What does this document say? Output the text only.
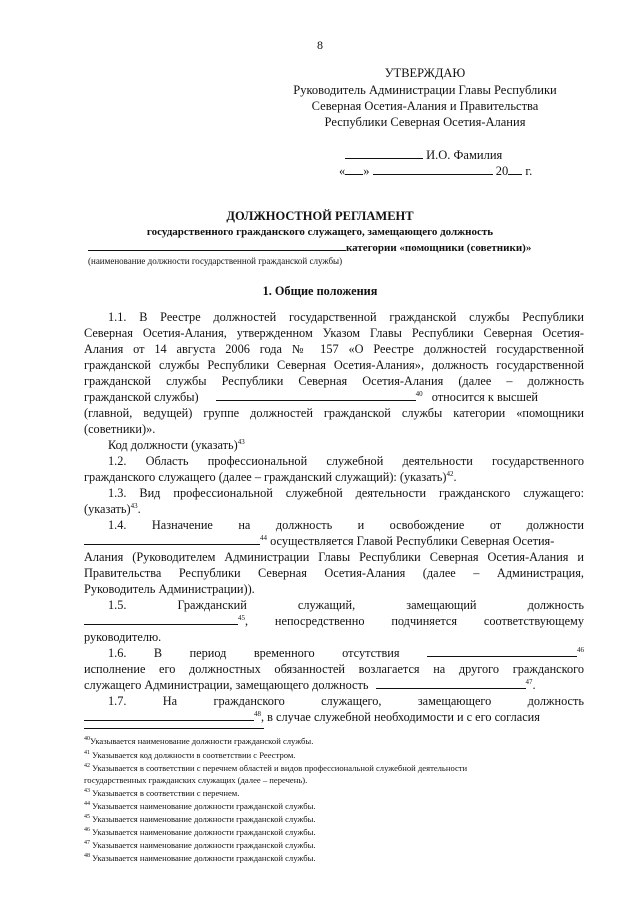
8
УТВЕРЖДАЮ
Руководитель Администрации Главы Республики
Северная Осетия-Алания и Правительства
Республики Северная Осетия-Алания
И.О. Фамилия
« »	20 г.
ДОЛЖНОСТНОЙ РЕГЛАМЕНТ
государственного гражданского служащего, замещающего должность
категории «помощники (советники)»
(наименование должности государственной гражданской службы)
1. Общие положения
1.1. В Реестре должностей государственной гражданской службы Республики
Северная Осетия-Алания, утвержденном Указом Главы Республики Северная Осетия-
Алания от 14 августа 2006 года № 157 «О Реестре должностей государственной
гражданской службы Республики Северная Осетия-Алания», должность государственной
гражданской службы Республики Северная Осетия-Алания (далее – должность
гражданской службы)	$^{40}$ относится к высшей
(главной, ведущей) группе должностей гражданской службы категории «помощники
(советники)».
Код должности (указать)$^{43}$
1.2. Область профессиональной служебной деятельности государственного
гражданского служащего (далее – гражданский служащий): (указать)$^{42}$.
1.3. Вид профессиональной служебной деятельности гражданского служащего:
(указать)$^{43}$.
1.4. Назначение на должность и освобождение от должности
$^{44}$ осуществляется Главой Республики Северная Осетия-
Алания (Руководителем Администрации Главы Республики Северная Осетия-Алания и
Правительства Республики Северная Осетия-Алания (далее – Администрация,
Руководитель Администрации)).
1.5.	Гражданский	служащий,	замещающий	должность
$^{45}$, непосредственно подчиняется соответствующему
руководителю.
1.6. В период временного отсутствия	$^{46}$
исполнение его должностных обязанностей возлагается на другого гражданского
служащего Администрации, замещающего должность	$^{47}$.
1.7.	На	гражданского	служащего,	замещающего	должность
$^{48}$, в случае служебной необходимости и с его согласия
$^{40}$Указывается наименование должности гражданской службы.
$^{41}$ Указывается код должности в соответствии с Реестром.
$^{42}$ Указывается в соответствии с перечнем областей и видов профессиональной служебной деятельности
государственных гражданских служащих (далее – перечень).
$^{43}$ Указывается в соответствии с перечнем.
$^{44}$ Указывается наименование должности гражданской службы.
$^{45}$ Указывается наименование должности гражданской службы.
$^{46}$ Указывается наименование должности гражданской службы.
$^{47}$ Указывается наименование должности гражданской службы.
$^{48}$ Указывается наименование должности гражданской службы.
